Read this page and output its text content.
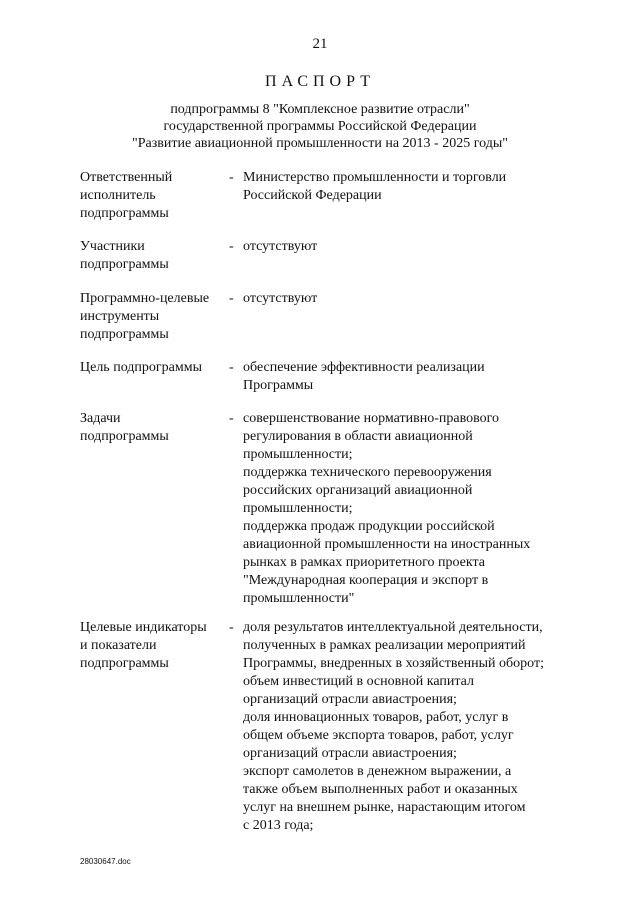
21
ПАСПОРТ
подпрограммы 8 "Комплексное развитие отрасли"
государственной программы Российской Федерации
"Развитие авиационной промышленности на 2013 - 2025 годы"
Ответственный
исполнитель
подпрограммы
- Министерство промышленности и торговли
Российской Федерации
Участники
подпрограммы
- отсутствуют
Программно-целевые
инструменты
подпрограммы
- отсутствуют
Цель подпрограммы	- обеспечение эффективности реализации
Программы
Задачи
подпрограммы
- совершенствование нормативно-правового
регулирования в области авиационной
промышленности;
поддержка технического перевооружения
российских организаций авиационной
промышленности;
поддержка продаж продукции российской
авиационной промышленности на иностранных
рынках в рамках приоритетного проекта
"Международная кооперация и экспорт в
промышленности"
Целевые индикаторы
и показатели
подпрограммы
- доля результатов интеллектуальной деятельности,
полученных в рамках реализации мероприятий
Программы, внедренных в хозяйственный оборот;
объем инвестиций в основной капитал
организаций отрасли авиастроения;
доля инновационных товаров, работ, услуг в
общем объеме экспорта товаров, работ, услуг
организаций отрасли авиастроения;
экспорт самолетов в денежном выражении, а
также объем выполненных работ и оказанных
услуг на внешнем рынке, нарастающим итогом
с 2013 года;
28030647.doc
